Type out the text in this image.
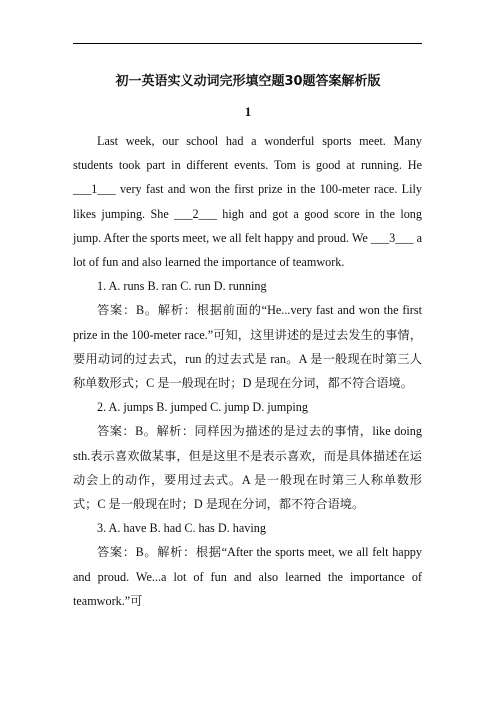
初一英语实义动词完形填空题30题答案解析版
1

Last week, our school had a wonderful sports meet. Many students took part in different events. Tom is good at running. He ___1___ very fast and won the first prize in the 100-meter race. Lily likes jumping. She ___2___ high and got a good score in the long jump. After the sports meet, we all felt happy and proud. We ___3___ a lot of fun and also learned the importance of teamwork.

1. A. runs B. ran C. run D. running

答案：B。解析：根据前面的“He...very fast and won the first prize in the 100-meter race.”可知，这里讲述的是过去发生的事情，要用动词的过去式，run 的过去式是 ran。A 是一般现在时第三人称单数形式；C 是一般现在时；D 是现在分词，都不符合语境。

2. A. jumps B. jumped C. jump D. jumping

答案：B。解析：同样因为描述的是过去的事情，like doing sth.表示喜欢做某事，但是这里不是表示喜欢，而是具体描述在运动会上的动作，要用过去式。A 是一般现在时第三人称单数形式；C 是一般现在时；D 是现在分词，都不符合语境。

3. A. have B. had C. has D. having

答案：B。解析：根据“After the sports meet, we all felt happy and proud. We...a lot of fun and also learned the importance of teamwork.”可
